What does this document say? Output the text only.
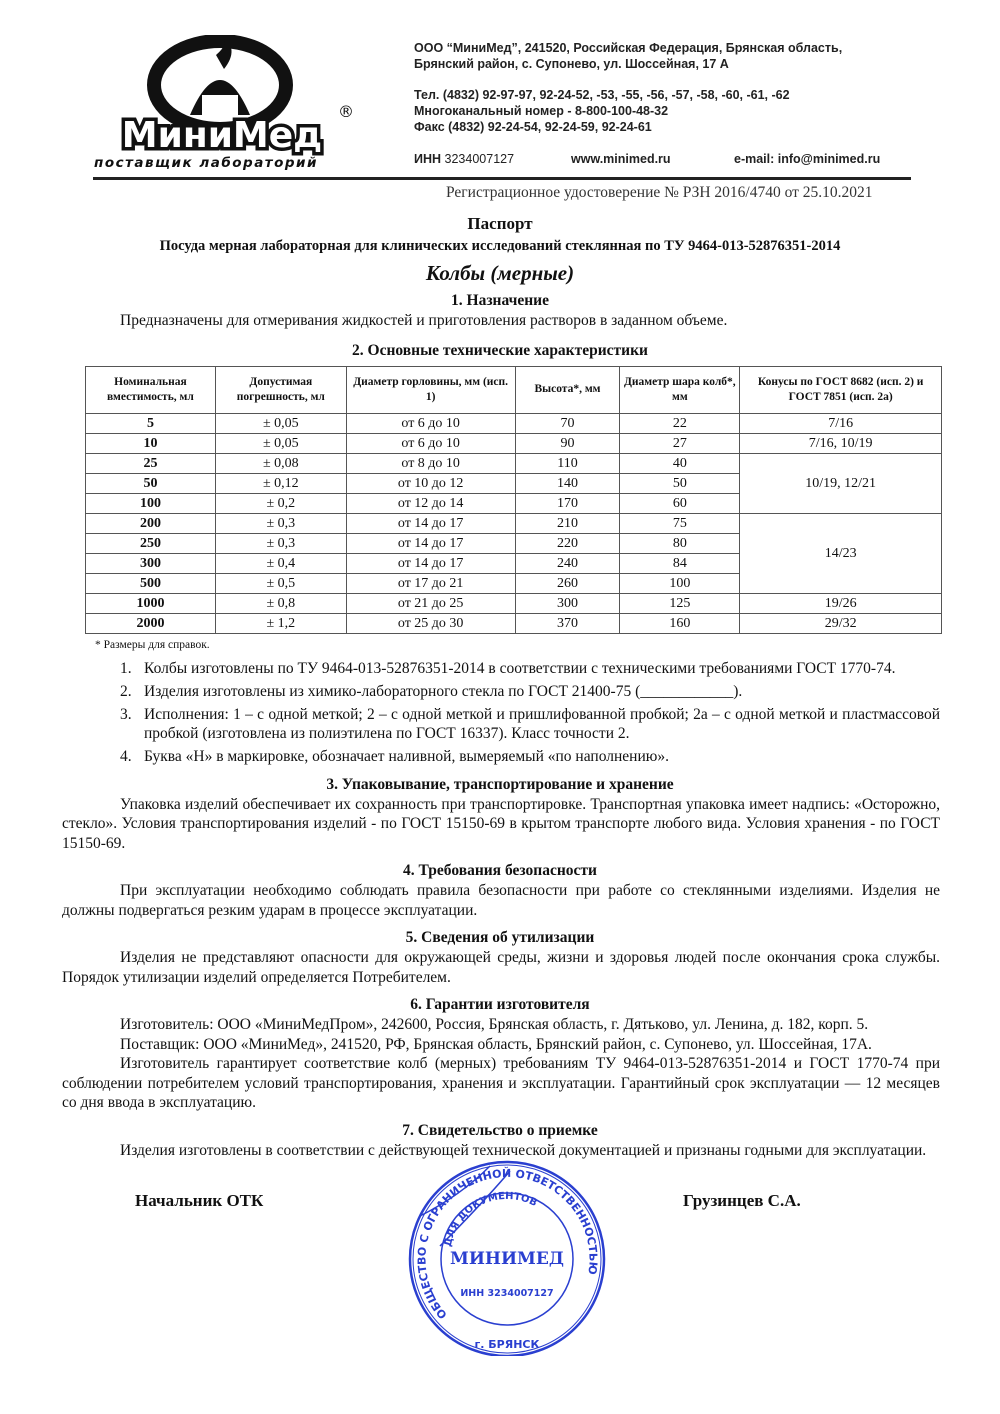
МиниМед
®
поставщик лабораторий
ООО “МиниМед”, 241520, Российская Федерация, Брянская область,
Брянский район, с. Супонево, ул. Шоссейная, 17 А
Тел. (4832) 92-97-97, 92-24-52, -53, -55, -56, -57, -58, -60, -61, -62
Многоканальный номер - 8-800-100-48-32
Факс (4832) 92-24-54, 92-24-59, 92-24-61
ИНН 3234007127	www.minimed.ru	e-mail: info@minimed.ru
Регистрационное удостоверение № РЗН 2016/4740 от 25.10.2021
Паспорт
Посуда мерная лабораторная для клинических исследований стеклянная по ТУ 9464-013-52876351-2014
Колбы (мерные)
1. Назначение

Предназначены для отмеривания жидкостей и приготовления растворов в заданном объеме.

2. Основные технические характеристики
Номинальная вместимость, мл	Допустимая погрешность, мл	Диаметр горловины, мм (исп. 1)	Высота*, мм	Диаметр шара колб*, мм	Конусы по ГОСТ 8682 (исп. 2) и ГОСТ 7851 (исп. 2а)
5	± 0,05	от 6 до 10	70	22	7/16
10	± 0,05	от 6 до 10	90	27	7/16, 10/19
25	± 0,08	от 8 до 10	110	40	10/19, 12/21
50	± 0,12	от 10 до 12	140	50	
100	± 0,2	от 12 до 14	170	60	
200	± 0,3	от 14 до 17	210	75	14/23
250	± 0,3	от 14 до 17	220	80	
300	± 0,4	от 14 до 17	240	84	
500	± 0,5	от 17 до 21	260	100	
1000	± 0,8	от 21 до 25	300	125	19/26
2000	± 1,2	от 25 до 30	370	160	29/32
* Размеры для справок.
1. Колбы изготовлены по ТУ 9464-013-52876351-2014 в соответствии с техническими требованиями ГОСТ 1770-74.
2. Изделия изготовлены из химико-лабораторного стекла по ГОСТ 21400-75 (____________).
3. Исполнения: 1 – с одной меткой; 2 – с одной меткой и пришлифованной пробкой; 2а – с одной меткой и пластмассовой пробкой (изготовлена из полиэтилена по ГОСТ 16337). Класс точности 2.
4. Буква «Н» в маркировке, обозначает наливной, вымеряемый «по наполнению».
3. Упаковывание, транспортирование и хранение

Упаковка изделий обеспечивает их сохранность при транспортировке. Транспортная упаковка имеет надпись: «Осторожно, стекло». Условия транспортирования изделий - по ГОСТ 15150-69 в крытом транспорте любого вида. Условия хранения - по ГОСТ 15150-69.

4. Требования безопасности

При эксплуатации необходимо соблюдать правила безопасности при работе со стеклянными изделиями. Изделия не должны подвергаться резким ударам в процессе эксплуатации.

5. Сведения об утилизации

Изделия не представляют опасности для окружающей среды, жизни и здоровья людей после окончания срока службы. Порядок утилизации изделий определяется Потребителем.

6. Гарантии изготовителя

Изготовитель: ООО «МиниМедПром», 242600, Россия, Брянская область, г. Дятьково, ул. Ленина, д. 182, корп. 5.

Поставщик: ООО «МиниМед», 241520, РФ, Брянская область, Брянский район, с. Супонево, ул. Шоссейная, 17А.

Изготовитель гарантирует соответствие колб (мерных) требованиям ТУ 9464-013-52876351-2014 и ГОСТ 1770-74 при соблюдении потребителем условий транспортирования, хранения и эксплуатации. Гарантийный срок эксплуатации — 12 месяцев со дня ввода в эксплуатацию.

7. Свидетельство о приемке

Изделия изготовлены в соответствии с действующей технической документацией и признаны годными для эксплуатации.

Начальник ОТК	Грузинцев С.А.
ОБЩЕСТВО С ОГРАНИЧЕННОЙ ОТВЕТСТВЕННОСТЬЮ
ДЛЯ ДОКУМЕНТОВ
МИНИМЕД
ИНН 3234007127
г. БРЯНСК
